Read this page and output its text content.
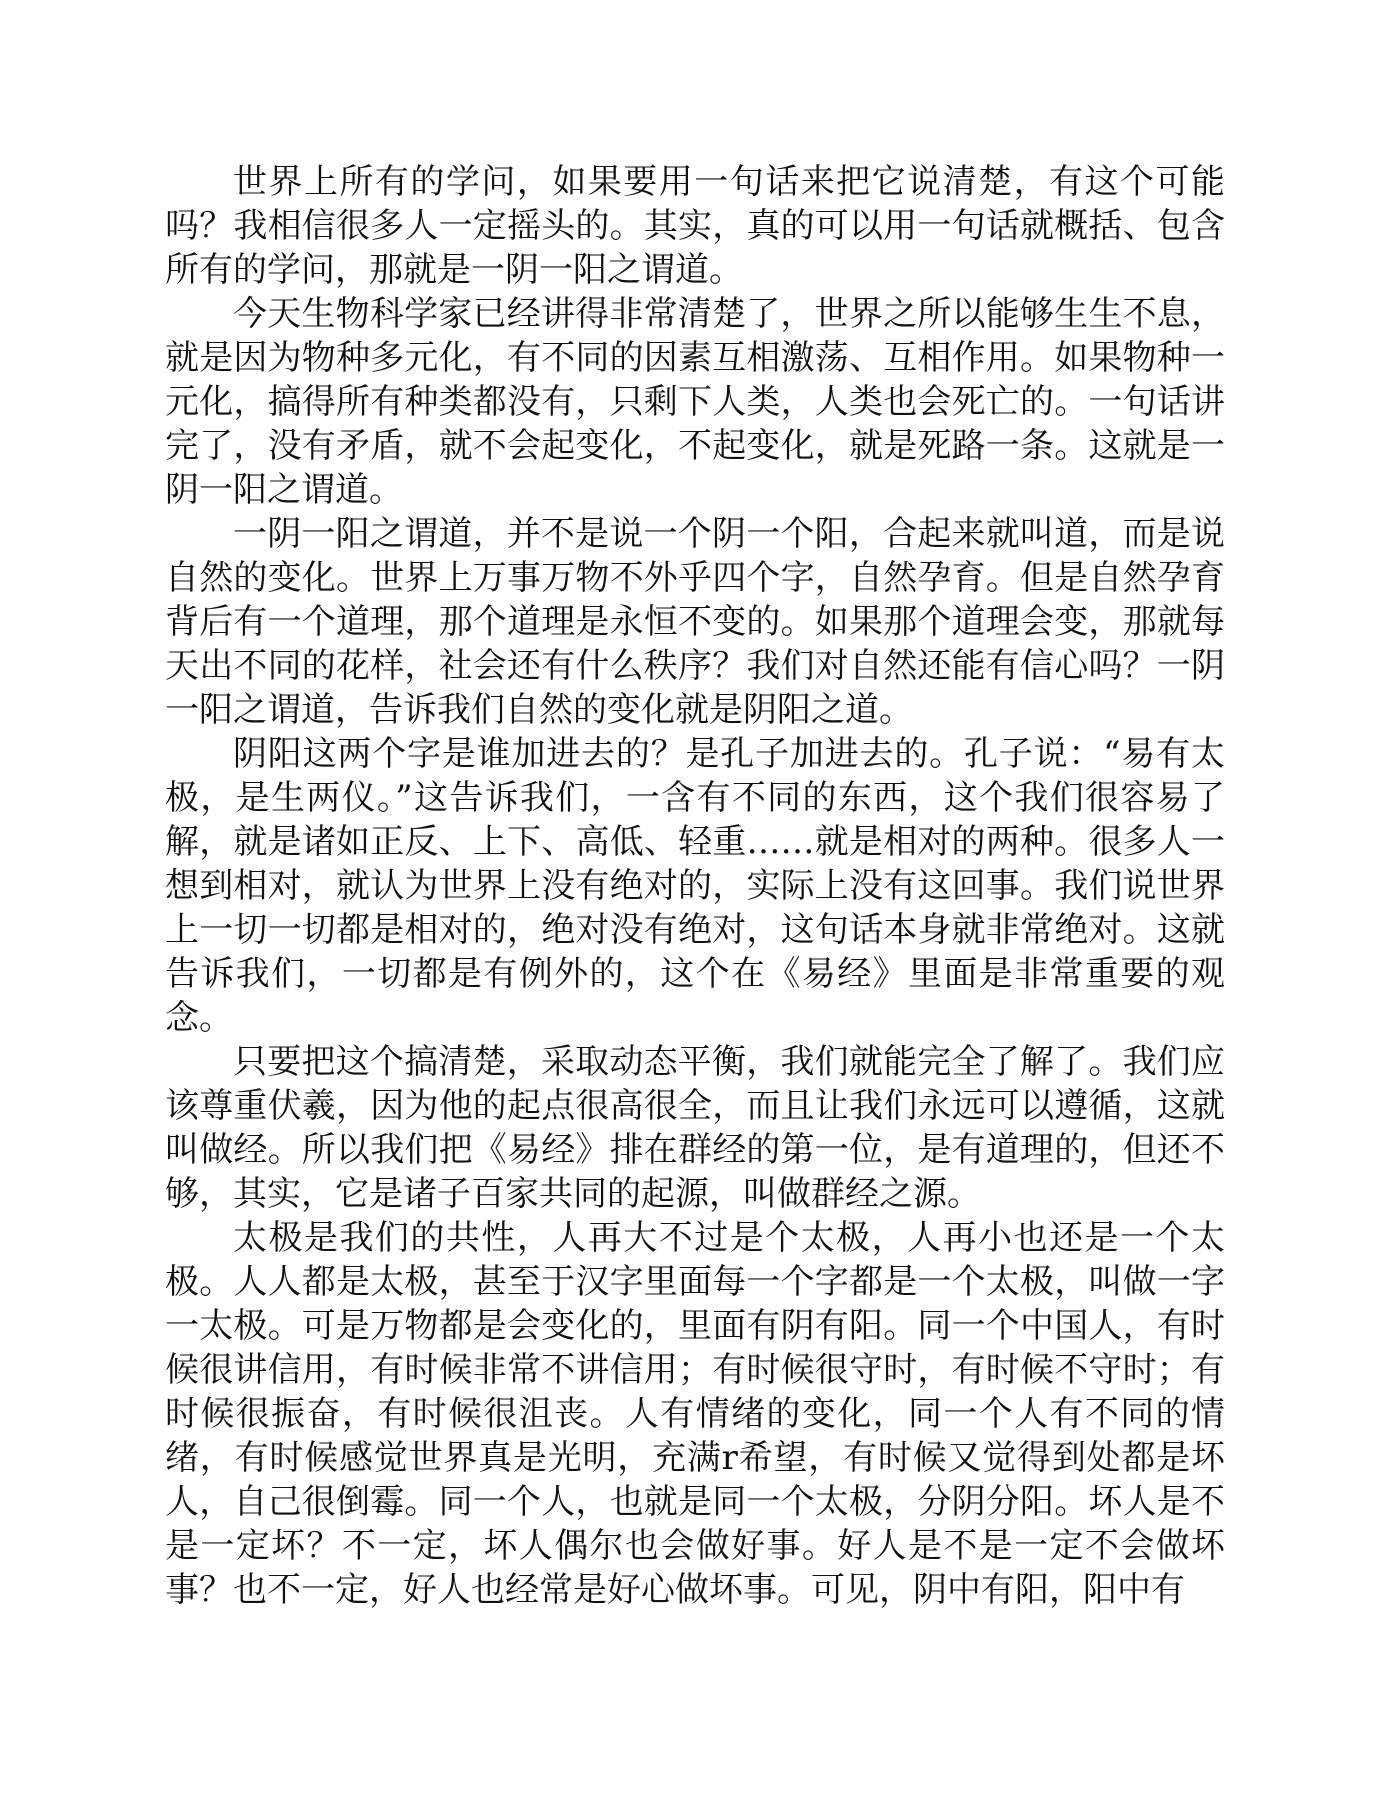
世界上所有的学问，如果要用一句话来把它说清楚，有这个可能吗？我相信很多人一定摇头的。其实，真的可以用一句话就概括、包含所有的学问，那就是一阴一阳之谓道。

今天生物科学家已经讲得非常清楚了，世界之所以能够生生不息，就是因为物种多元化，有不同的因素互相激荡、互相作用。如果物种一元化，搞得所有种类都没有，只剩下人类，人类也会死亡的。一句话讲完了，没有矛盾，就不会起变化，不起变化，就是死路一条。这就是一阴一阳之谓道。

一阴一阳之谓道，并不是说一个阴一个阳，合起来就叫道，而是说自然的变化。世界上万事万物不外乎四个字，自然孕育。但是自然孕育背后有一个道理，那个道理是永恒不变的。如果那个道理会变，那就每天出不同的花样，社会还有什么秩序？我们对自然还能有信心吗？一阴一阳之谓道，告诉我们自然的变化就是阴阳之道。

阴阳这两个字是谁加进去的？是孔子加进去的。孔子说：“易有太极，是生两仪。”这告诉我们，一含有不同的东西，这个我们很容易了解，就是诸如正反、上下、高低、轻重……就是相对的两种。很多人一想到相对，就认为世界上没有绝对的，实际上没有这回事。我们说世界上一切一切都是相对的，绝对没有绝对，这句话本身就非常绝对。这就告诉我们，一切都是有例外的，这个在《易经》里面是非常重要的观念。

只要把这个搞清楚，采取动态平衡，我们就能完全了解了。我们应该尊重伏羲，因为他的起点很高很全，而且让我们永远可以遵循，这就叫做经。所以我们把《易经》排在群经的第一位，是有道理的，但还不够，其实，它是诸子百家共同的起源，叫做群经之源。

太极是我们的共性，人再大不过是个太极，人再小也还是一个太极。人人都是太极，甚至于汉字里面每一个字都是一个太极，叫做一字一太极。可是万物都是会变化的，里面有阴有阳。同一个中国人，有时候很讲信用，有时候非常不讲信用；有时候很守时，有时候不守时；有时候很振奋，有时候很沮丧。人有情绪的变化，同一个人有不同的情绪，有时候感觉世界真是光明，充满r希望，有时候又觉得到处都是坏人，自己很倒霉。同一个人，也就是同一个太极，分阴分阳。坏人是不是一定坏？不一定，坏人偶尔也会做好事。好人是不是一定不会做坏事？也不一定，好人也经常是好心做坏事。可见，阴中有阳，阳中有
